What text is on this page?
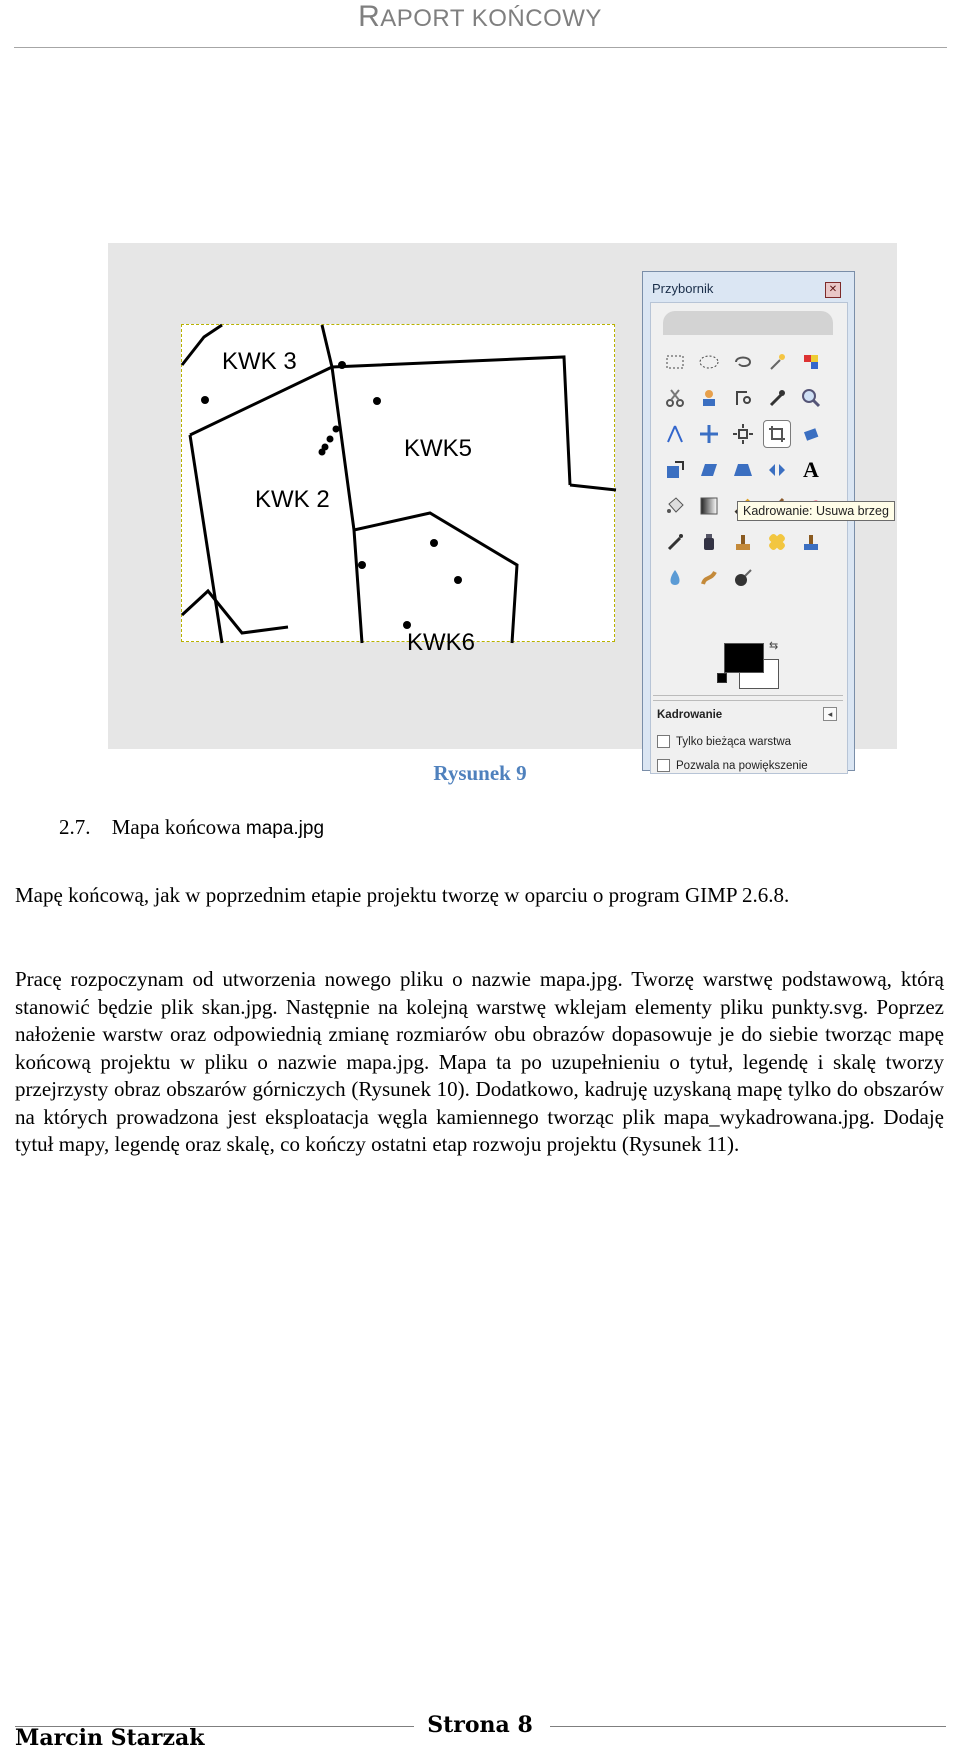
RAPORT KOŃCOWY
KWK 3
KWK5
KWK 2
KWK6
Przybornik	✕
A
Kadrowanie: Usuwa brzeg
⇆
Kadrowanie	◂
Tylko bieżąca warstwa
Pozwala na powiększenie
Rysunek 9
2.7. Mapa końcowa mapa.jpg
Mapę końcową, jak w poprzednim etapie projektu tworzę w oparciu o program GIMP 2.6.8.
Pracę rozpoczynam od utworzenia nowego pliku o nazwie mapa.jpg. Tworzę warstwę podstawową, którą stanowić będzie plik skan.jpg. Następnie na kolejną warstwę wklejam elementy pliku punkty.svg. Poprzez nałożenie warstw oraz odpowiednią zmianę rozmiarów obu obrazów dopasowuje je do siebie tworząc mapę końcową projektu w pliku o nazwie mapa.jpg. Mapa ta po uzupełnieniu o tytuł, legendę i skalę tworzy przejrzysty obraz obszarów górniczych (Rysunek 10). Dodatkowo, kadruję uzyskaną mapę tylko do obszarów na których prowadzona jest eksploatacja węgla kamiennego tworząc plik mapa_wykadrowana.jpg. Dodaję tytuł mapy, legendę oraz skalę, co kończy ostatni etap rozwoju projektu (Rysunek 11).
Strona 8
Marcin Starzak
